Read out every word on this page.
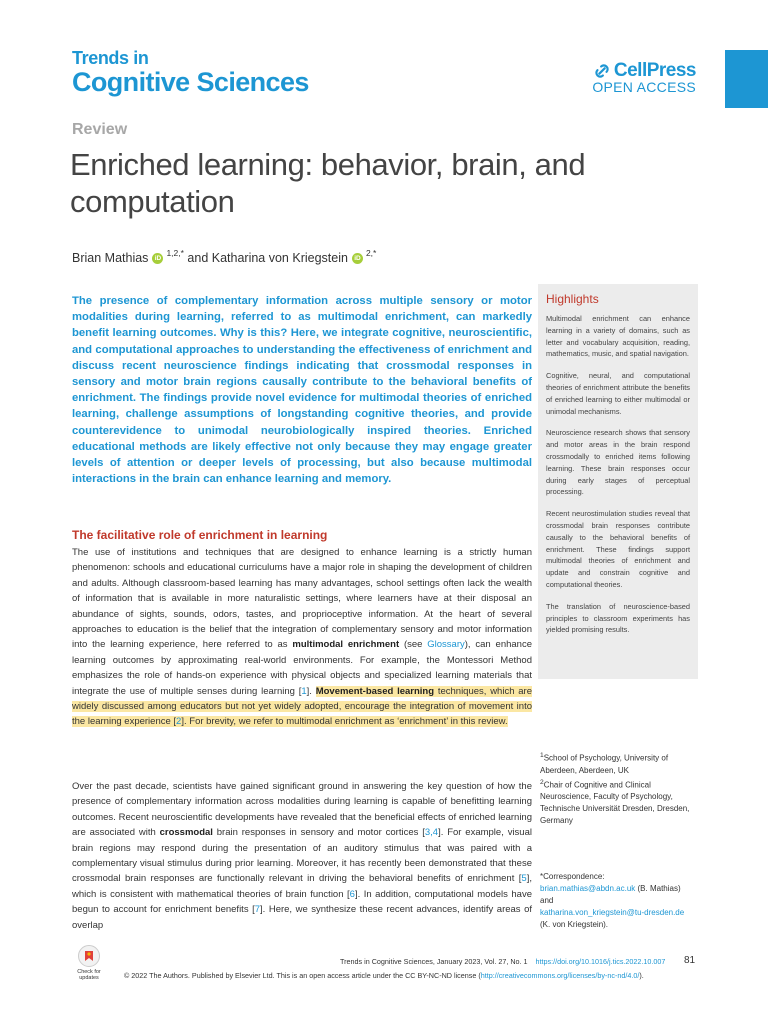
Trends in
Cognitive Sciences	CellPress
OPEN ACCESS
Review
Enriched learning: behavior, brain, and computation
Brian Mathias iD 1,2,* and Katharina von Kriegstein iD 2,*

The presence of complementary information across multiple sensory or motor modalities during learning, referred to as multimodal enrichment, can markedly benefit learning outcomes. Why is this? Here, we integrate cognitive, neuroscientific, and computational approaches to understanding the effectiveness of enrichment and discuss recent neuroscience findings indicating that crossmodal responses in sensory and motor brain regions causally contribute to the behavioral benefits of enrichment. The findings provide novel evidence for multimodal theories of enriched learning, challenge assumptions of longstanding cognitive theories, and provide counterevidence to unimodal neurobiologically inspired theories. Enriched educational methods are likely effective not only because they may engage greater levels of attention or deeper levels of processing, but also because multimodal interactions in the brain can enhance learning and memory.

The facilitative role of enrichment in learning

The use of institutions and techniques that are designed to enhance learning is a strictly human phenomenon: schools and educational curriculums have a major role in shaping the development of children and adults. Although classroom-based learning has many advantages, school settings often lack the wealth of information that is available in more naturalistic settings, where learners have at their disposal an abundance of sights, sounds, odors, tastes, and proprioceptive information. At the heart of several approaches to education is the belief that the integration of complementary sensory and motor information into the learning experience, here referred to as multimodal enrichment (see Glossary), can enhance learning outcomes by approximating real-world environments. For example, the Montessori Method emphasizes the role of hands-on experience with physical objects and specialized learning materials that integrate the use of multiple senses during learning [1]. Movement-based learning techniques, which are widely discussed among educators but not yet widely adopted, encourage the integration of movement into the learning experience [2]. For brevity, we refer to multimodal enrichment as ‘enrichment’ in this review.

Over the past decade, scientists have gained significant ground in answering the key question of how the presence of complementary information across modalities during learning is capable of benefitting learning outcomes. Recent neuroscientific developments have revealed that the beneficial effects of enriched learning are associated with crossmodal brain responses in sensory and motor cortices [3,4]. For example, visual brain regions may respond during the presentation of an auditory stimulus that was paired with a complementary visual stimulus during prior learning. Moreover, it has recently been demonstrated that these crossmodal brain responses are functionally relevant in driving the behavioral benefits of enrichment [5], which is consistent with mathematical theories of brain function [6]. In addition, computational models have begun to account for enrichment benefits [7]. Here, we synthesize these recent advances, identify areas of overlap

Highlights

Multimodal enrichment can enhance learning in a variety of domains, such as letter and vocabulary acquisition, reading, mathematics, music, and spatial navigation.

Cognitive, neural, and computational theories of enrichment attribute the benefits of enriched learning to either multimodal or unimodal mechanisms.

Neuroscience research shows that sensory and motor areas in the brain respond crossmodally to enriched items following learning. These brain responses occur during early stages of perceptual processing.

Recent neurostimulation studies reveal that crossmodal brain responses contribute causally to the behavioral benefits of enrichment. These findings support multimodal theories of enrichment and update and constrain cognitive and computational theories.

The translation of neuroscience-based principles to classroom experiments has yielded promising results.

$^1$School of Psychology, University of Aberdeen, Aberdeen, UK
$^2$Chair of Cognitive and Clinical Neuroscience, Faculty of Psychology, Technische Universität Dresden, Dresden, Germany
*Correspondence:
brian.mathias@abdn.ac.uk (B. Mathias)
and
katharina.von_kriegstein@tu-dresden.de
(K. von Kriegstein).
Check for updates
Trends in Cognitive Sciences, January 2023, Vol. 27, No. 1 https://doi.org/10.1016/j.tics.2022.10.007 81
© 2022 The Authors. Published by Elsevier Ltd. This is an open access article under the CC BY-NC-ND license (http://creativecommons.org/licenses/by-nc-nd/4.0/).
